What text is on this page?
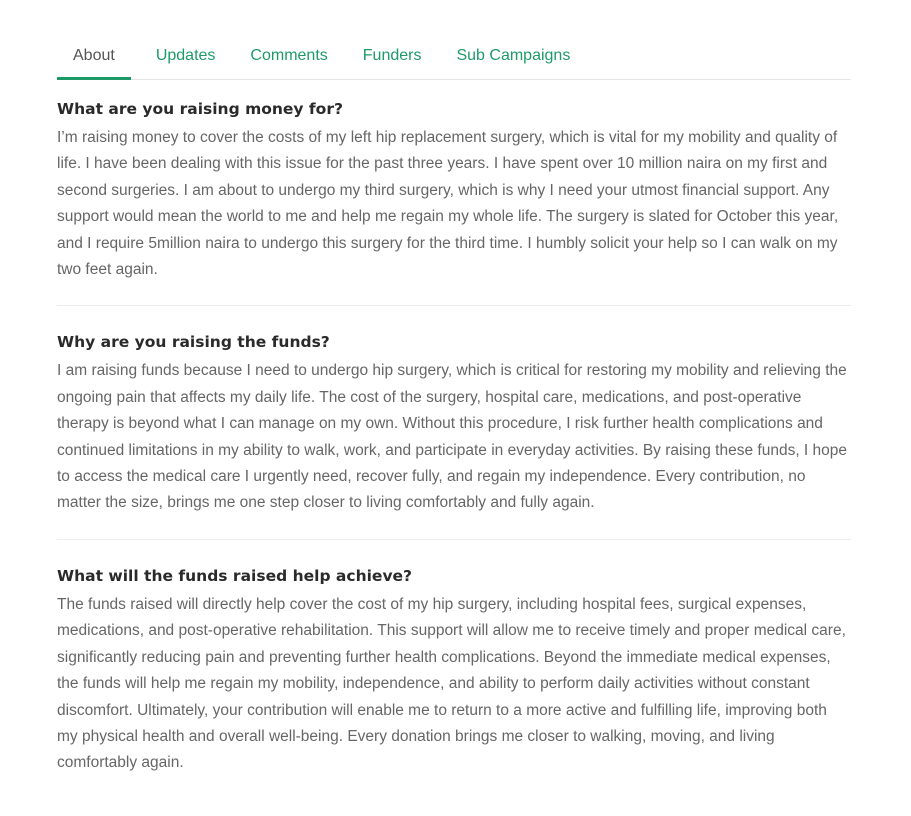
About	Updates	Comments	Funders	Sub Campaigns
What are you raising money for?

I’m raising money to cover the costs of my left hip replacement surgery, which is vital for my mobility and quality of life. I have been dealing with this issue for the past three years. I have spent over 10 million naira on my first and second surgeries. I am about to undergo my third surgery, which is why I need your utmost financial support. Any support would mean the world to me and help me regain my whole life. The surgery is slated for October this year, and I require 5million naira to undergo this surgery for the third time. I humbly solicit your help so I can walk on my two feet again.

Why are you raising the funds?

I am raising funds because I need to undergo hip surgery, which is critical for restoring my mobility and relieving the ongoing pain that affects my daily life. The cost of the surgery, hospital care, medications, and post-operative therapy is beyond what I can manage on my own. Without this procedure, I risk further health complications and continued limitations in my ability to walk, work, and participate in everyday activities. By raising these funds, I hope to access the medical care I urgently need, recover fully, and regain my independence. Every contribution, no matter the size, brings me one step closer to living comfortably and fully again.

What will the funds raised help achieve?

The funds raised will directly help cover the cost of my hip surgery, including hospital fees, surgical expenses, medications, and post-operative rehabilitation. This support will allow me to receive timely and proper medical care, significantly reducing pain and preventing further health complications. Beyond the immediate medical expenses, the funds will help me regain my mobility, independence, and ability to perform daily activities without constant discomfort. Ultimately, your contribution will enable me to return to a more active and fulfilling life, improving both my physical health and overall well-being. Every donation brings me closer to walking, moving, and living comfortably again.
